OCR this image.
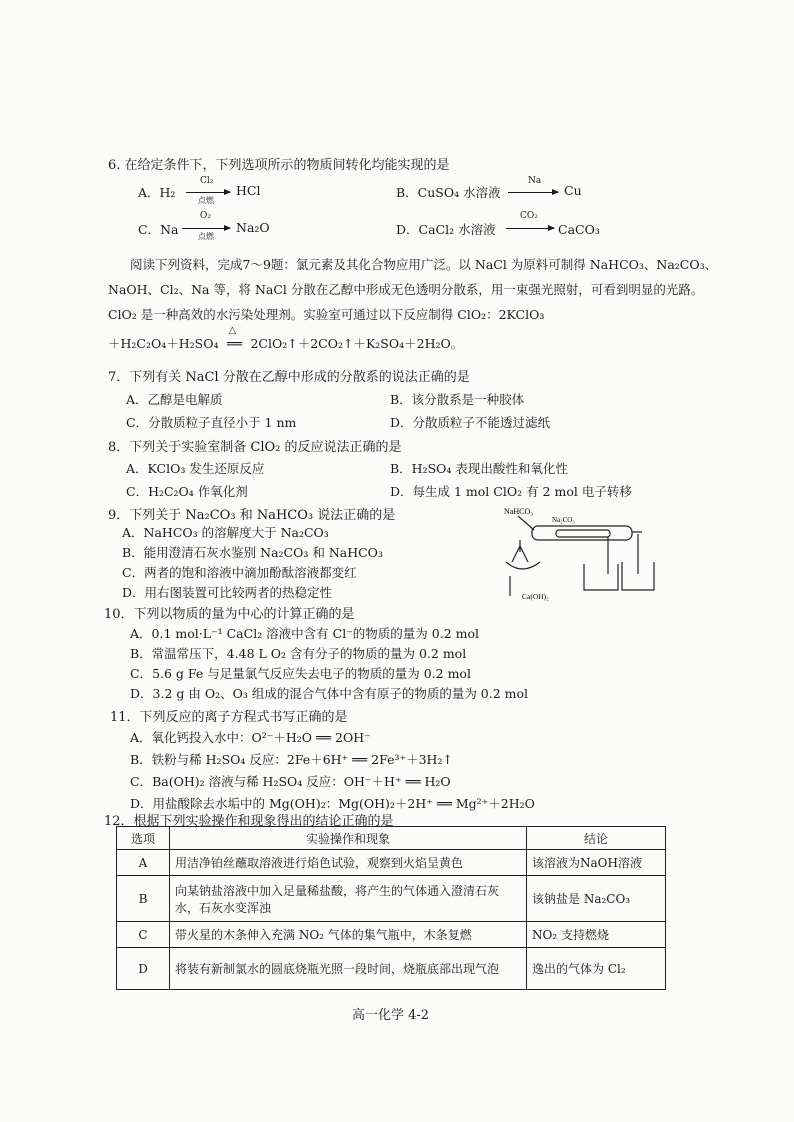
6. 在给定条件下，下列选项所示的物质间转化均能实现的是
A．H₂
Cl₂
点燃
HCl	B．CuSO₄ 水溶液
Na
Cu
C．Na
O₂
点燃
Na₂O	D．CaCl₂ 水溶液
CO₂
CaCO₃
阅读下列资料，完成7～9题：氯元素及其化合物应用广泛。以 NaCl 为原料可制得 NaHCO₃、Na₂CO₃、NaOH、Cl₂、Na 等，将 NaCl 分散在乙醇中形成无色透明分散系，用一束强光照射，可看到明显的光路。ClO₂ 是一种高效的水污染处理剂。实验室可通过以下反应制得 ClO₂：2KClO₃
＋H₂C₂O₄＋H₂SO₄
△
══ 2ClO₂↑＋2CO₂↑＋K₂SO₄＋2H₂O。
7．下列有关 NaCl 分散在乙醇中形成的分散系的说法正确的是
A．乙醇是电解质	B．该分散系是一种胶体
C．分散质粒子直径小于 1 nm	D．分散质粒子不能透过滤纸
8．下列关于实验室制备 ClO₂ 的反应说法正确的是
A．KClO₃ 发生还原反应	B．H₂SO₄ 表现出酸性和氧化性
C．H₂C₂O₄ 作氧化剂	D．每生成 1 mol ClO₂ 有 2 mol 电子转移
9．下列关于 Na₂CO₃ 和 NaHCO₃ 说法正确的是
A．NaHCO₃ 的溶解度大于 Na₂CO₃
B．能用澄清石灰水鉴别 Na₂CO₃ 和 NaHCO₃
C．两者的饱和溶液中滴加酚酞溶液都变红
D．用右图装置可比较两者的热稳定性
NaHCO₃
Na₂CO₃
Ca(OH)₂
10．下列以物质的量为中心的计算正确的是
A．0.1 mol·L⁻¹ CaCl₂ 溶液中含有 Cl⁻的物质的量为 0.2 mol
B．常温常压下，4.48 L O₂ 含有分子的物质的量为 0.2 mol
C．5.6 g Fe 与足量氯气反应失去电子的物质的量为 0.2 mol
D．3.2 g 由 O₂、O₃ 组成的混合气体中含有原子的物质的量为 0.2 mol
11．下列反应的离子方程式书写正确的是
A．氧化钙投入水中：O²⁻＋H₂O ══ 2OH⁻
B．铁粉与稀 H₂SO₄ 反应：2Fe＋6H⁺ ══ 2Fe³⁺＋3H₂↑
C．Ba(OH)₂ 溶液与稀 H₂SO₄ 反应：OH⁻＋H⁺ ══ H₂O
D．用盐酸除去水垢中的 Mg(OH)₂：Mg(OH)₂＋2H⁺ ══ Mg²⁺＋2H₂O
12．根据下列实验操作和现象得出的结论正确的是
选项	实验操作和现象	结论
A	用洁净铂丝蘸取溶液进行焰色试验，观察到火焰呈黄色	该溶液为NaOH溶液
B	向某钠盐溶液中加入足量稀盐酸，将产生的气体通入澄清石灰水，石灰水变浑浊	该钠盐是 Na₂CO₃
C	带火星的木条伸入充满 NO₂ 气体的集气瓶中，木条复燃	NO₂ 支持燃烧
D	将装有新制氯水的圆底烧瓶光照一段时间，烧瓶底部出现气泡	逸出的气体为 Cl₂
高一化学 4-2
